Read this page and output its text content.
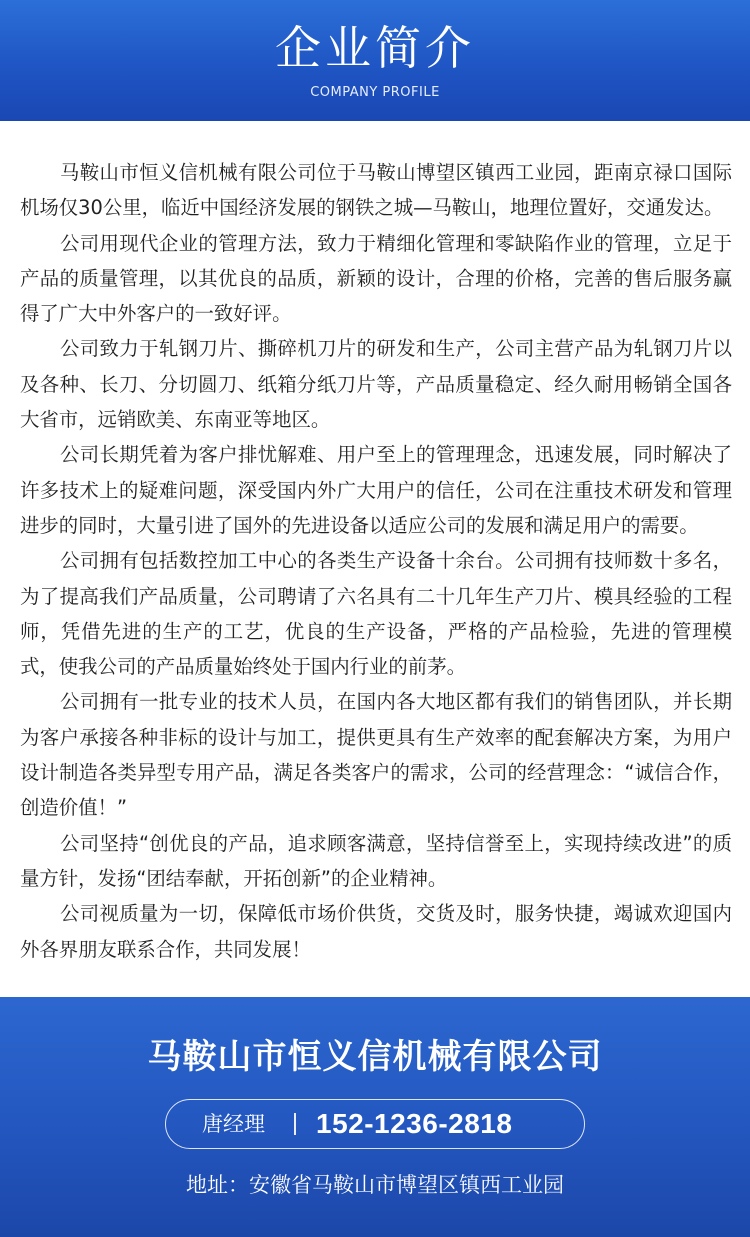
企业简介
COMPANY PROFILE

马鞍山市恒义信机械有限公司位于马鞍山博望区镇西工业园，距南京禄口国际机场仅30公里，临近中国经济发展的钢铁之城—马鞍山，地理位置好，交通发达。

公司用现代企业的管理方法，致力于精细化管理和零缺陷作业的管理，立足于产品的质量管理，以其优良的品质，新颖的设计，合理的价格，完善的售后服务赢得了广大中外客户的一致好评。

公司致力于轧钢刀片、撕碎机刀片的研发和生产，公司主营产品为轧钢刀片以及各种、长刀、分切圆刀、纸箱分纸刀片等，产品质量稳定、经久耐用畅销全国各大省市，远销欧美、东南亚等地区。

公司长期凭着为客户排忧解难、用户至上的管理理念，迅速发展，同时解决了许多技术上的疑难问题，深受国内外广大用户的信任，公司在注重技术研发和管理进步的同时，大量引进了国外的先进设备以适应公司的发展和满足用户的需要。

公司拥有包括数控加工中心的各类生产设备十余台。公司拥有技师数十多名，为了提高我们产品质量，公司聘请了六名具有二十几年生产刀片、模具经验的工程师，凭借先进的生产的工艺，优良的生产设备，严格的产品检验，先进的管理模式，使我公司的产品质量始终处于国内行业的前茅。

公司拥有一批专业的技术人员，在国内各大地区都有我们的销售团队，并长期为客户承接各种非标的设计与加工，提供更具有生产效率的配套解决方案，为用户设计制造各类异型专用产品，满足各类客户的需求，公司的经营理念：“诚信合作，创造价值！”

公司坚持“创优良的产品，追求顾客满意，坚持信誉至上，实现持续改进”的质量方针，发扬“团结奉献，开拓创新”的企业精神。

公司视质量为一切，保障低市场价供货，交货及时，服务快捷，竭诚欢迎国内外各界朋友联系合作，共同发展！

马鞍山市恒义信机械有限公司
唐经理 152-1236-2818
地址：安徽省马鞍山市博望区镇西工业园
